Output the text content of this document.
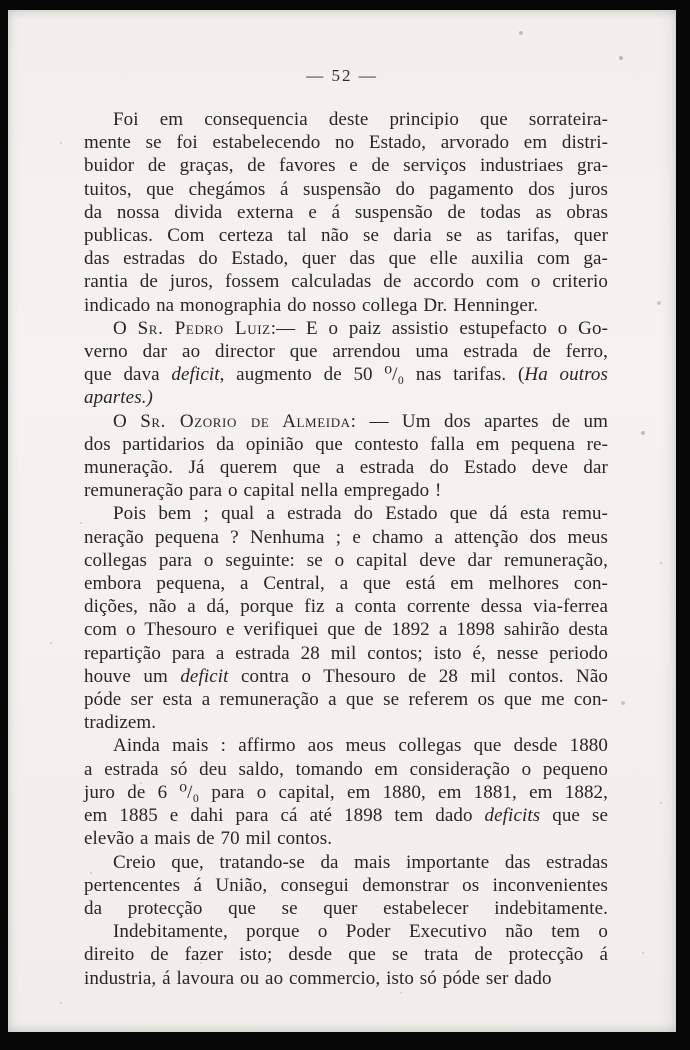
— 52 —
Foi em consequencia deste principio que sorrateira-
mente se foi estabelecendo no Estado, arvorado em distri-
buidor de graças, de favores e de serviços industriaes gra-
tuitos, que chegámos á suspensão do pagamento dos juros
da nossa divida externa e á suspensão de todas as obras
publicas. Com certeza tal não se daria se as tarifas, quer
das estradas do Estado, quer das que elle auxilia com ga-
rantia de juros, fossem calculadas de accordo com o criterio
indicado na monographia do nosso collega Dr. Henninger.
O Sr. Pedro Luiz:— E o paiz assistio estupefacto o Go-
verno dar ao director que arrendou uma estrada de ferro,
que dava deficit, augmento de 50 ⁰/₀ nas tarifas. (Ha outros
apartes.)
O Sr. Ozorio de Almeida: — Um dos apartes de um
dos partidarios da opinião que contesto falla em pequena re-
muneração. Já querem que a estrada do Estado deve dar
remuneração para o capital nella empregado !
Pois bem ; qual a estrada do Estado que dá esta remu-
neração pequena ? Nenhuma ; e chamo a attenção dos meus
collegas para o seguinte: se o capital deve dar remuneração,
embora pequena, a Central, a que está em melhores con-
dições, não a dá, porque fiz a conta corrente dessa via-ferrea
com o Thesouro e verifiquei que de 1892 a 1898 sahirão desta
repartição para a estrada 28 mil contos; isto é, nesse periodo
houve um deficit contra o Thesouro de 28 mil contos. Não
póde ser esta a remuneração a que se referem os que me con-
tradizem.
Ainda mais : affirmo aos meus collegas que desde 1880
a estrada só deu saldo, tomando em consideração o pequeno
juro de 6 ⁰/₀ para o capital, em 1880, em 1881, em 1882,
em 1885 e dahi para cá até 1898 tem dado deficits que se
elevão a mais de 70 mil contos.
Creio que, tratando-se da mais importante das estradas
pertencentes á União, consegui demonstrar os inconvenientes
da protecção que se quer estabelecer indebitamente.
Indebitamente, porque o Poder Executivo não tem o
direito de fazer isto; desde que se trata de protecção á
industria, á lavoura ou ao commercio, isto só póde ser dado
